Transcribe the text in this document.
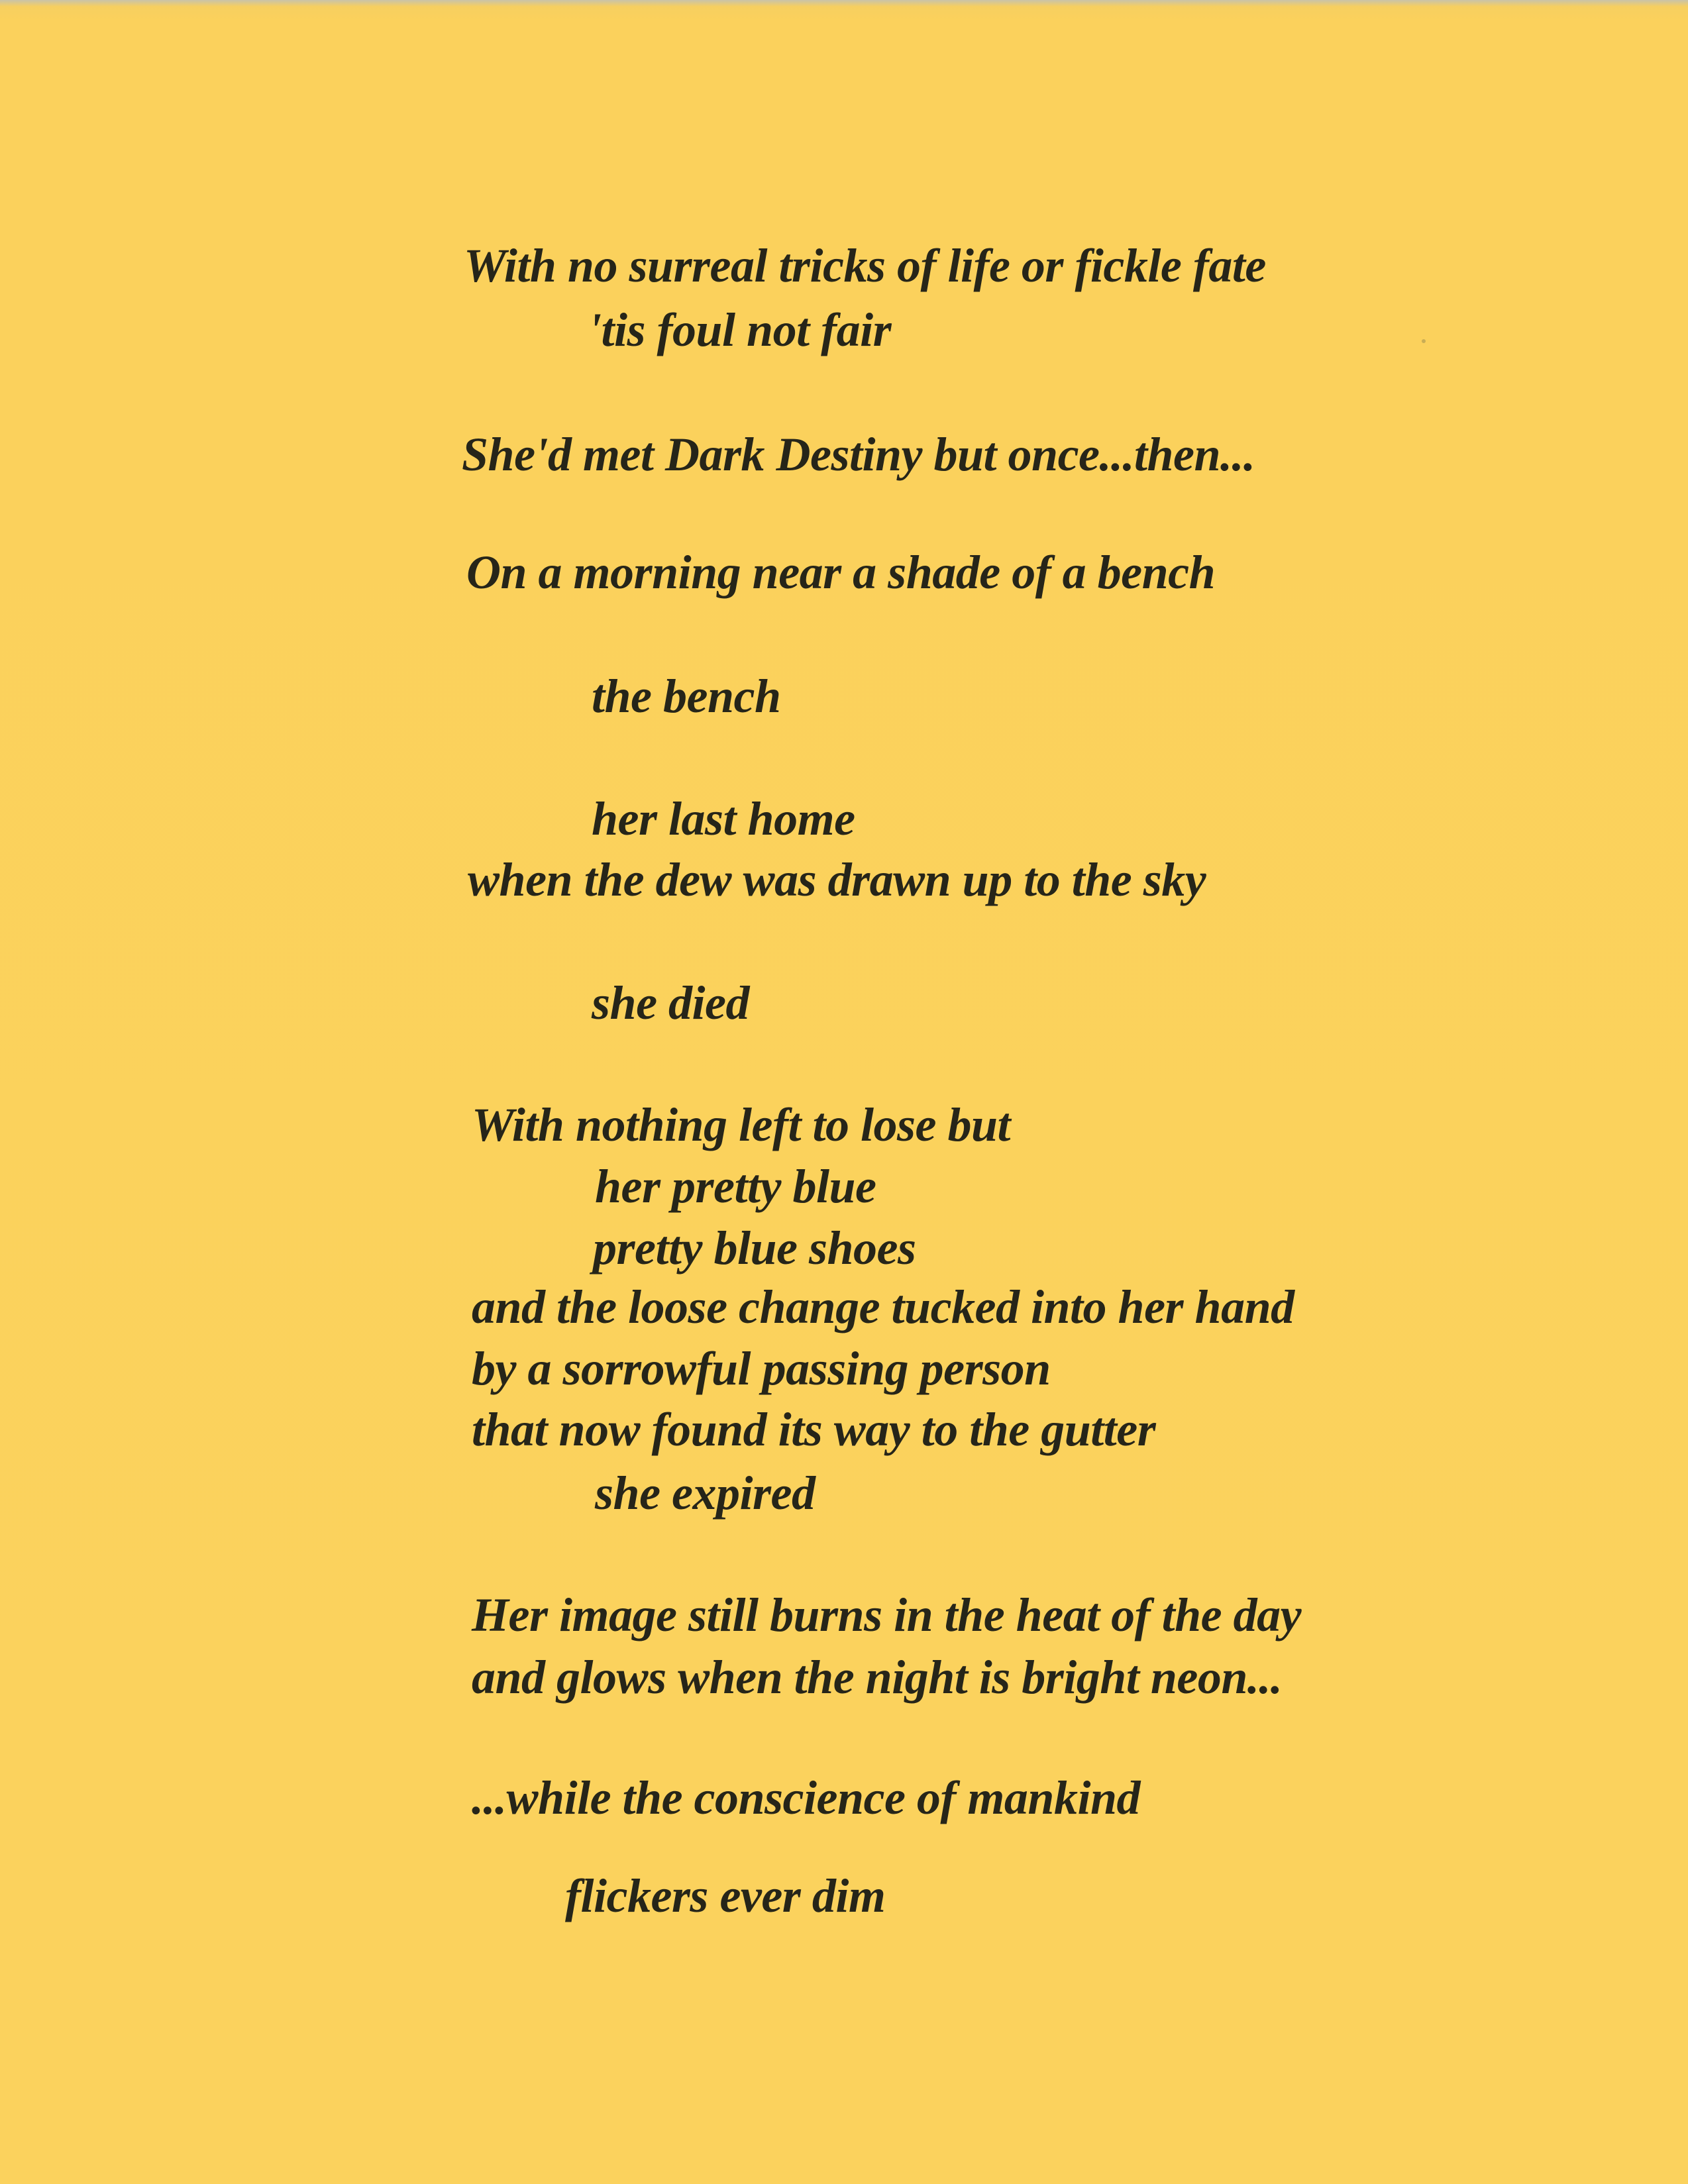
With no surreal tricks of life or fickle fate

'tis foul not fair

She'd met Dark Destiny but once...then...

On a morning near a shade of a bench

the bench

her last home

when the dew was drawn up to the sky

she died

With nothing left to lose but

her pretty blue

pretty blue shoes

and the loose change tucked into her hand

by a sorrowful passing person

that now found its way to the gutter

she expired

Her image still burns in the heat of the day

and glows when the night is bright neon...

...while the conscience of mankind

flickers ever dim
